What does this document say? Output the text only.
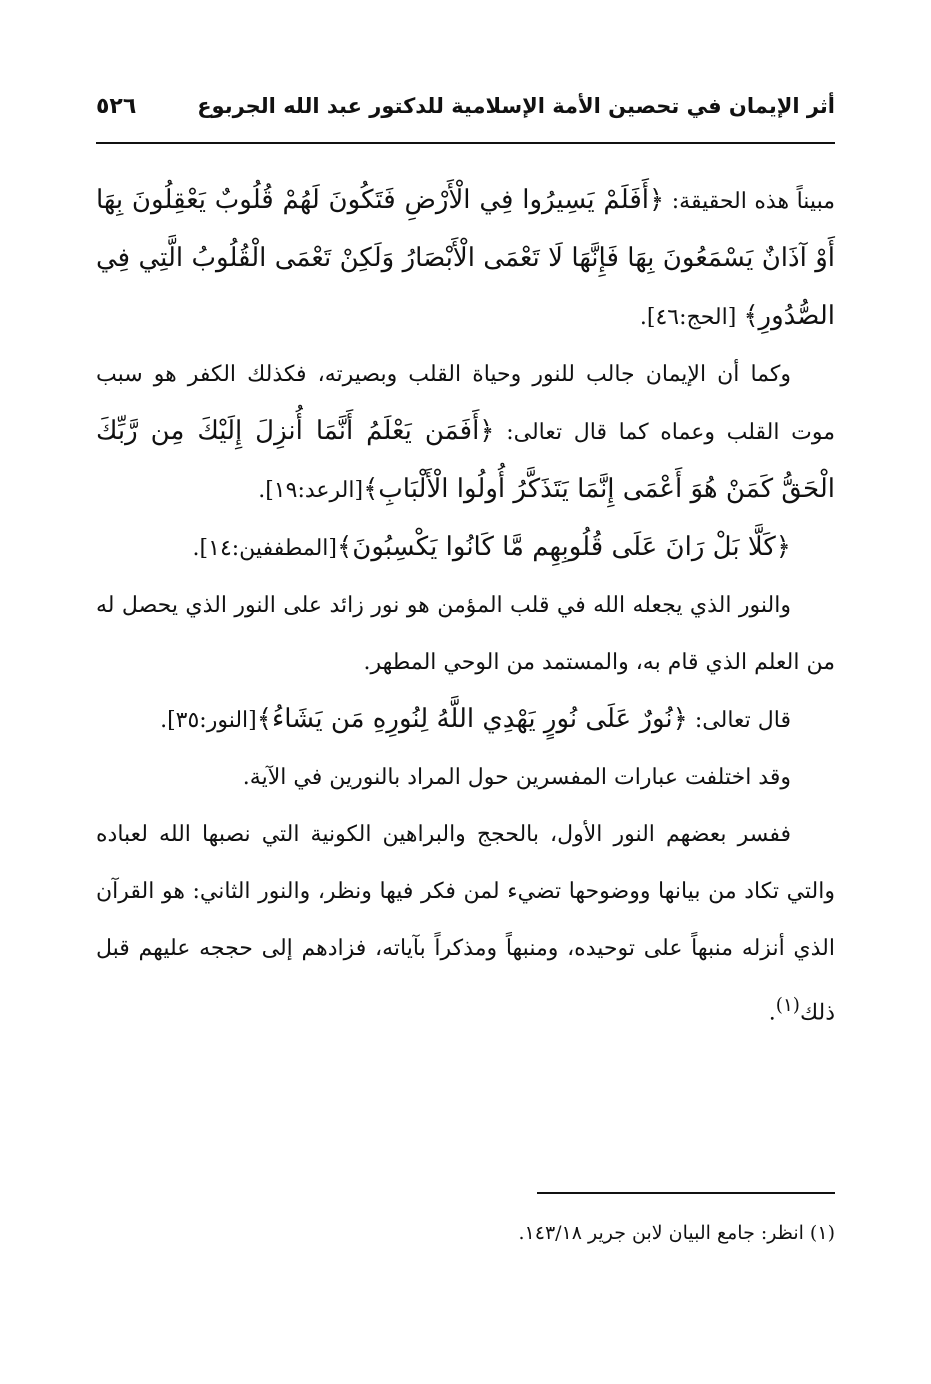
أثر الإيمان في تحصين الأمة الإسلامية للدكتور عبد الله الجربوع
٥٢٦

مبيناً هذه الحقيقة: ﴿أَفَلَمْ يَسِيرُوا فِي الْأَرْضِ فَتَكُونَ لَهُمْ قُلُوبٌ يَعْقِلُونَ بِهَا أَوْ آذَانٌ يَسْمَعُونَ بِهَا فَإِنَّهَا لَا تَعْمَى الْأَبْصَارُ وَلَكِنْ تَعْمَى الْقُلُوبُ الَّتِي فِي الصُّدُورِ﴾ [الحج:٤٦].

وكما أن الإيمان جالب للنور وحياة القلب وبصيرته، فكذلك الكفر هو سبب موت القلب وعماه كما قال تعالى: ﴿أَفَمَن يَعْلَمُ أَنَّمَا أُنزِلَ إِلَيْكَ مِن رَّبِّكَ الْحَقُّ كَمَنْ هُوَ أَعْمَى إِنَّمَا يَتَذَكَّرُ أُولُوا الْأَلْبَابِ﴾[الرعد:١٩].

﴿كَلَّا بَلْ رَانَ عَلَى قُلُوبِهِم مَّا كَانُوا يَكْسِبُونَ﴾[المطففين:١٤].

والنور الذي يجعله الله في قلب المؤمن هو نور زائد على النور الذي يحصل له من العلم الذي قام به، والمستمد من الوحي المطهر.

قال تعالى: ﴿نُورٌ عَلَى نُورٍ يَهْدِي اللَّهُ لِنُورِهِ مَن يَشَاءُ﴾[النور:٣٥].

وقد اختلفت عبارات المفسرين حول المراد بالنورين في الآية.

ففسر بعضهم النور الأول، بالحجج والبراهين الكونية التي نصبها الله لعباده والتي تكاد من بيانها ووضوحها تضيء لمن فكر فيها ونظر، والنور الثاني: هو القرآن الذي أنزله منبهاً على توحيده، ومنبهاً ومذكراً بآياته، فزادهم إلى حججه عليهم قبل ذلك$^{(١)}$.

(١) انظر: جامع البيان لابن جرير ١٤٣/١٨.
